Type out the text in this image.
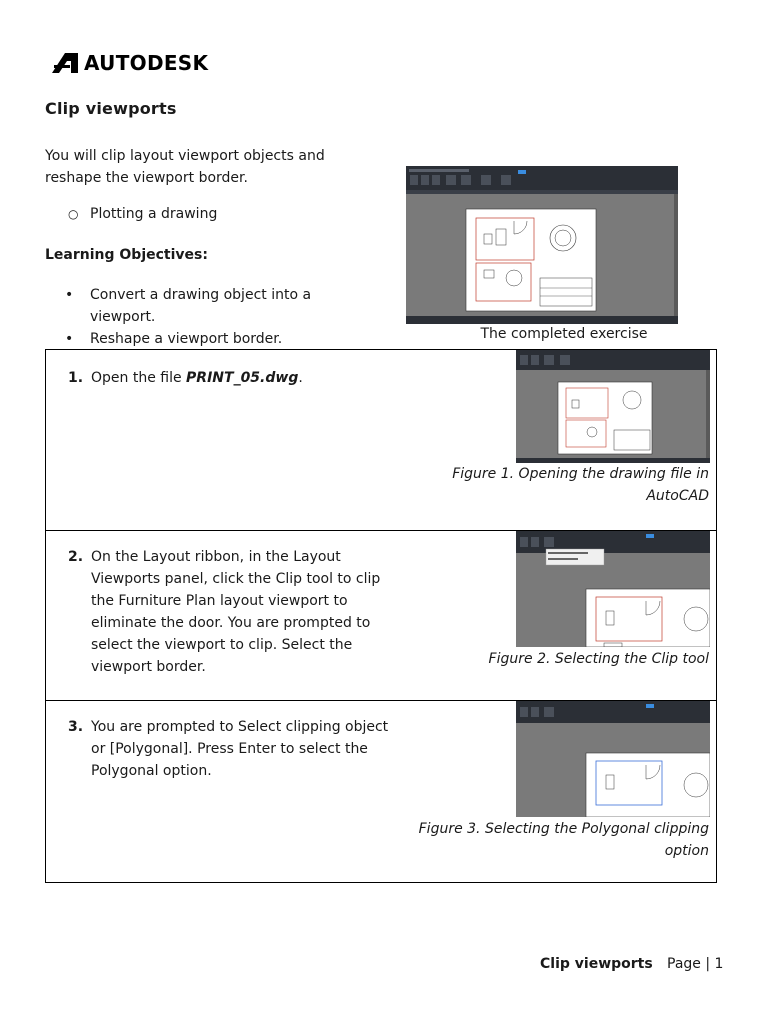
AUTODESK
Clip viewports

You will clip layout viewport objects and reshape the viewport border.

○ Plotting a drawing

Learning Objectives:

• Convert a drawing object into a viewport.
• Reshape a viewport border.	The completed exercise

1. Open the file PRINT_05.dwg.
Figure 1. Opening the drawing file in AutoCAD
2. On the Layout ribbon, in the Layout Viewports panel, click the Clip tool to clip the Furniture Plan layout viewport to eliminate the door. You are prompted to select the viewport to clip. Select the viewport border.	Figure 2. Selecting the Clip tool
3. You are prompted to Select clipping object or [Polygonal]. Press Enter to select the Polygonal option.
Figure 3. Selecting the Polygonal clipping option
Clip viewports Page | 1
